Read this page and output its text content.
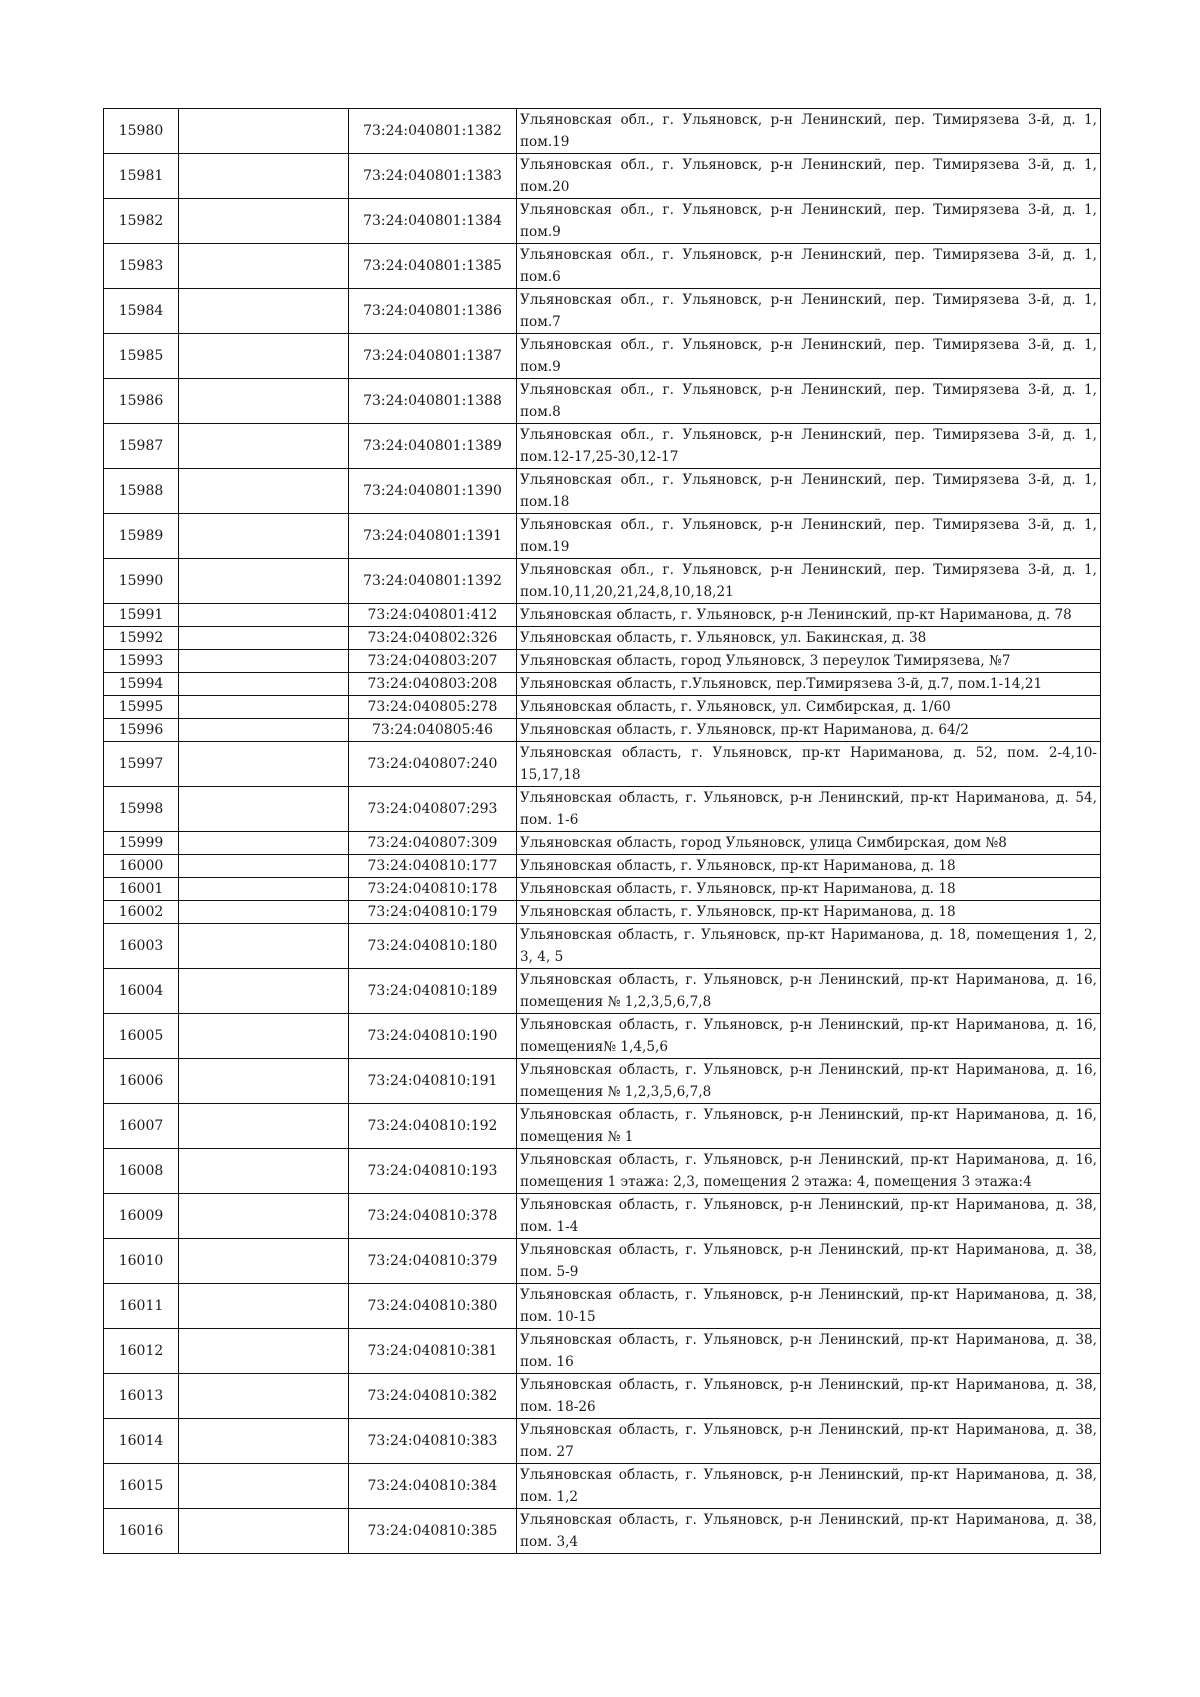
15980		73:24:040801:1382	Ульяновская обл., г. Ульяновск, р-н Ленинский, пер. Тимирязева 3-й, д. 1, пом.19
15981		73:24:040801:1383	Ульяновская обл., г. Ульяновск, р-н Ленинский, пер. Тимирязева 3-й, д. 1, пом.20
15982		73:24:040801:1384	Ульяновская обл., г. Ульяновск, р-н Ленинский, пер. Тимирязева 3-й, д. 1, пом.9
15983		73:24:040801:1385	Ульяновская обл., г. Ульяновск, р-н Ленинский, пер. Тимирязева 3-й, д. 1, пом.6
15984		73:24:040801:1386	Ульяновская обл., г. Ульяновск, р-н Ленинский, пер. Тимирязева 3-й, д. 1, пом.7
15985		73:24:040801:1387	Ульяновская обл., г. Ульяновск, р-н Ленинский, пер. Тимирязева 3-й, д. 1, пом.9
15986		73:24:040801:1388	Ульяновская обл., г. Ульяновск, р-н Ленинский, пер. Тимирязева 3-й, д. 1, пом.8
15987		73:24:040801:1389	Ульяновская обл., г. Ульяновск, р-н Ленинский, пер. Тимирязева 3-й, д. 1, пом.12-17,25-30,12-17
15988		73:24:040801:1390	Ульяновская обл., г. Ульяновск, р-н Ленинский, пер. Тимирязева 3-й, д. 1, пом.18
15989		73:24:040801:1391	Ульяновская обл., г. Ульяновск, р-н Ленинский, пер. Тимирязева 3-й, д. 1, пом.19
15990		73:24:040801:1392	Ульяновская обл., г. Ульяновск, р-н Ленинский, пер. Тимирязева 3-й, д. 1, пом.10,11,20,21,24,8,10,18,21
15991		73:24:040801:412	Ульяновская область, г. Ульяновск, р-н Ленинский, пр-кт Нариманова, д. 78
15992		73:24:040802:326	Ульяновская область, г. Ульяновск, ул. Бакинская, д. 38
15993		73:24:040803:207	Ульяновская область, город Ульяновск, 3 переулок Тимирязева, №7
15994		73:24:040803:208	Ульяновская область, г.Ульяновск, пер.Тимирязева 3-й, д.7, пом.1-14,21
15995		73:24:040805:278	Ульяновская область, г. Ульяновск, ул. Симбирская, д. 1/60
15996		73:24:040805:46	Ульяновская область, г. Ульяновск, пр-кт Нариманова, д. 64/2
15997		73:24:040807:240	Ульяновская область, г. Ульяновск, пр-кт Нариманова, д. 52, пом. 2-4,10-15,17,18
15998		73:24:040807:293	Ульяновская область, г. Ульяновск, р-н Ленинский, пр-кт Нариманова, д. 54, пом. 1-6
15999		73:24:040807:309	Ульяновская область, город Ульяновск, улица Симбирская, дом №8
16000		73:24:040810:177	Ульяновская область, г. Ульяновск, пр-кт Нариманова, д. 18
16001		73:24:040810:178	Ульяновская область, г. Ульяновск, пр-кт Нариманова, д. 18
16002		73:24:040810:179	Ульяновская область, г. Ульяновск, пр-кт Нариманова, д. 18
16003		73:24:040810:180	Ульяновская область, г. Ульяновск, пр-кт Нариманова, д. 18, помещения 1, 2, 3, 4, 5
16004		73:24:040810:189	Ульяновская область, г. Ульяновск, р-н Ленинский, пр-кт Нариманова, д. 16, помещения № 1,2,3,5,6,7,8
16005		73:24:040810:190	Ульяновская область, г. Ульяновск, р-н Ленинский, пр-кт Нариманова, д. 16, помещения№ 1,4,5,6
16006		73:24:040810:191	Ульяновская область, г. Ульяновск, р-н Ленинский, пр-кт Нариманова, д. 16, помещения № 1,2,3,5,6,7,8
16007		73:24:040810:192	Ульяновская область, г. Ульяновск, р-н Ленинский, пр-кт Нариманова, д. 16, помещения № 1
16008		73:24:040810:193	Ульяновская область, г. Ульяновск, р-н Ленинский, пр-кт Нариманова, д. 16, помещения 1 этажа: 2,3, помещения 2 этажа: 4, помещения 3 этажа:4
16009		73:24:040810:378	Ульяновская область, г. Ульяновск, р-н Ленинский, пр-кт Нариманова, д. 38, пом. 1-4
16010		73:24:040810:379	Ульяновская область, г. Ульяновск, р-н Ленинский, пр-кт Нариманова, д. 38, пом. 5-9
16011		73:24:040810:380	Ульяновская область, г. Ульяновск, р-н Ленинский, пр-кт Нариманова, д. 38, пом. 10-15
16012		73:24:040810:381	Ульяновская область, г. Ульяновск, р-н Ленинский, пр-кт Нариманова, д. 38, пом. 16
16013		73:24:040810:382	Ульяновская область, г. Ульяновск, р-н Ленинский, пр-кт Нариманова, д. 38, пом. 18-26
16014		73:24:040810:383	Ульяновская область, г. Ульяновск, р-н Ленинский, пр-кт Нариманова, д. 38, пом. 27
16015		73:24:040810:384	Ульяновская область, г. Ульяновск, р-н Ленинский, пр-кт Нариманова, д. 38, пом. 1,2
16016		73:24:040810:385	Ульяновская область, г. Ульяновск, р-н Ленинский, пр-кт Нариманова, д. 38, пом. 3,4
